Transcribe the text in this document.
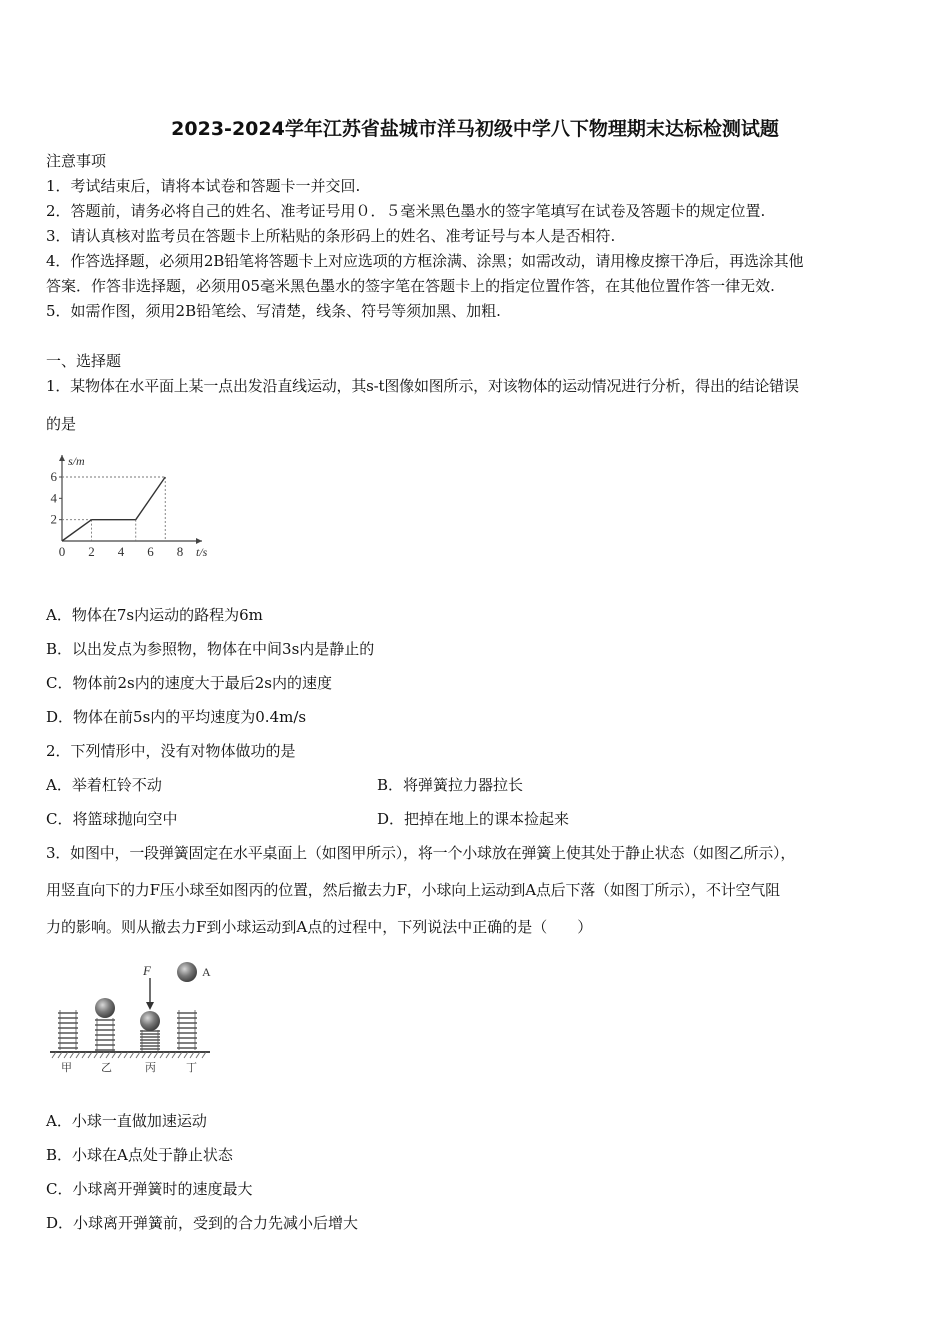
2023-2024学年江苏省盐城市洋马初级中学八下物理期末达标检测试题
注意事项
1．考试结束后，请将本试卷和答题卡一并交回.
2．答题前，请务必将自己的姓名、准考证号用０．５毫米黑色墨水的签字笔填写在试卷及答题卡的规定位置.
3．请认真核对监考员在答题卡上所粘贴的条形码上的姓名、准考证号与本人是否相符.
4．作答选择题，必须用2B铅笔将答题卡上对应选项的方框涂满、涂黑；如需改动，请用橡皮擦干净后，再选涂其他
答案．作答非选择题，必须用05毫米黑色墨水的签字笔在答题卡上的指定位置作答，在其他位置作答一律无效.
5．如需作图，须用2B铅笔绘、写清楚，线条、符号等须加黑、加粗.
一、选择题
1．某物体在水平面上某一点出发沿直线运动，其s-t图像如图所示，对该物体的运动情况进行分析，得出的结论错误
的是
0 2 4 6 8
2
4
6
t/s
s/m
A．物体在7s内运动的路程为6m
B．以出发点为参照物，物体在中间3s内是静止的
C．物体前2s内的速度大于最后2s内的速度
D．物体在前5s内的平均速度为0.4m/s
2．下列情形中，没有对物体做功的是
A．举着杠铃不动	B．将弹簧拉力器拉长
C．将篮球抛向空中	D．把掉在地上的课本捡起来
3．如图中，一段弹簧固定在水平桌面上（如图甲所示），将一个小球放在弹簧上使其处于静止状态（如图乙所示），
用竖直向下的力F压小球至如图丙的位置，然后撤去力F，小球向上运动到A点后下落（如图丁所示），不计空气阻
力的影响。则从撤去力F到小球运动到A点的过程中，下列说法中正确的是（　　）
F	A
甲	乙	丙	丁
A．小球一直做加速运动
B．小球在A点处于静止状态
C．小球离开弹簧时的速度最大
D．小球离开弹簧前，受到的合力先减小后增大
